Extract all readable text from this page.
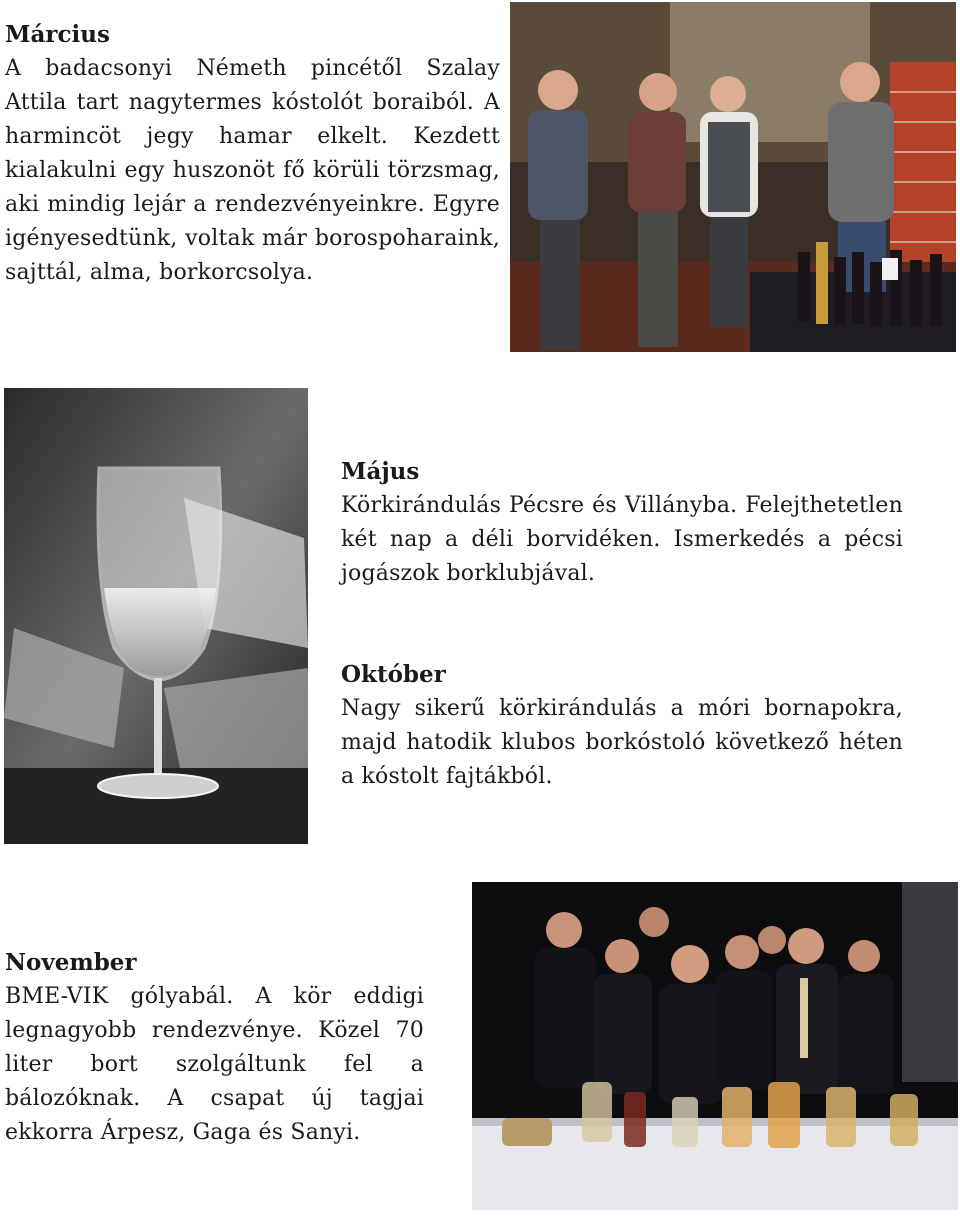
Március

A badacsonyi Németh pincétől Szalay Attila tart nagytermes kóstolót boraiból. A harmincöt jegy hamar elkelt. Kezdett kialakulni egy huszonöt fő körüli törzsmag, aki mindig lejár a rendezvényeinkre. Egyre igényesedtünk, voltak már borospoharaink, sajttál, alma, borkorcsolya.

Május

Körkirándulás Pécsre és Villányba. Felejthetetlen két nap a déli borvidéken. Ismerkedés a pécsi jogászok borklubjával.

Október

Nagy sikerű körkirándulás a móri bornapokra, majd hatodik klubos borkóstoló következő héten a kóstolt fajtákból.

November

BME-VIK gólyabál. A kör eddigi legnagyobb rendezvénye. Közel 70 liter bort szolgáltunk fel a bálozóknak. A csapat új tagjai ekkorra Árpesz, Gaga és Sanyi.
